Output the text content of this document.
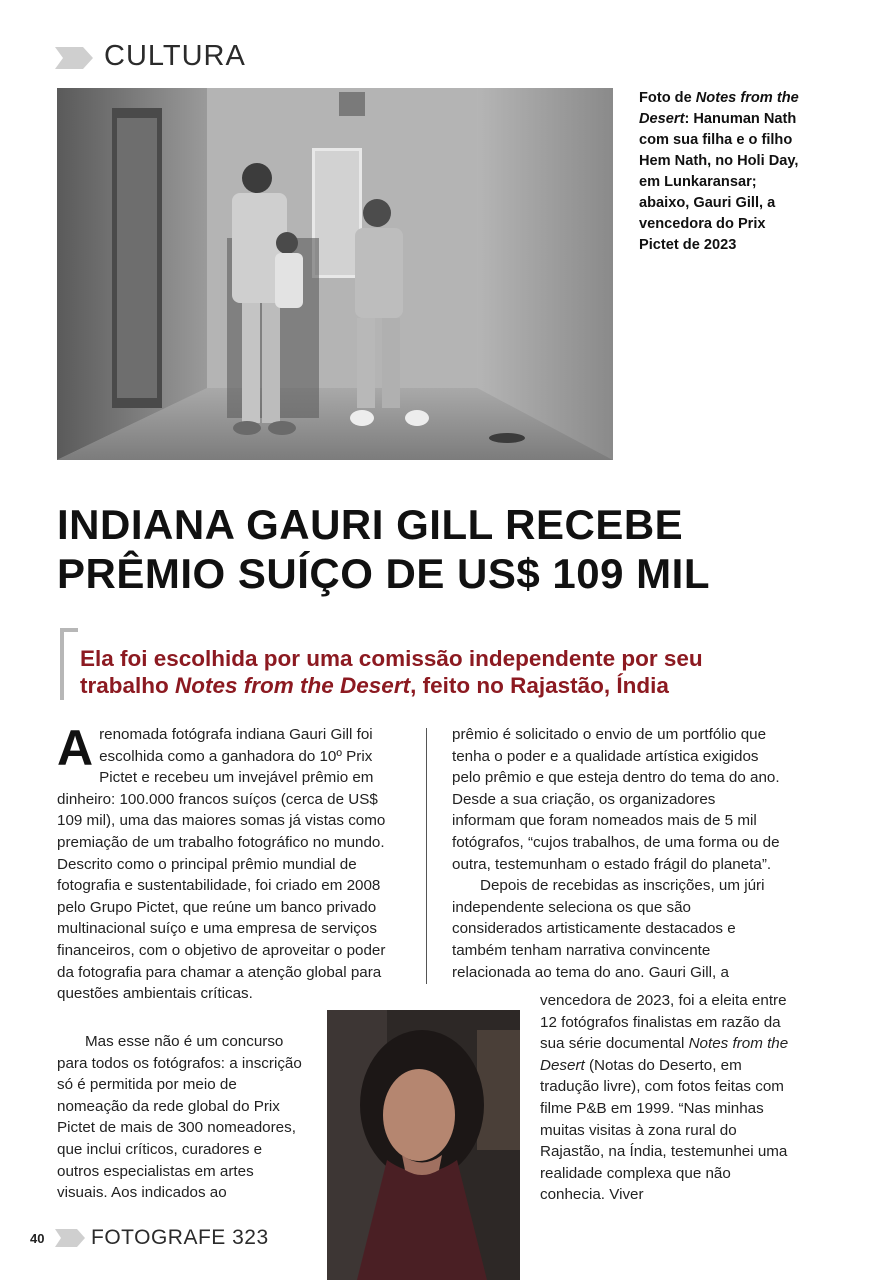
CULTURA
Foto de Notes from the Desert: Hanuman Nath com sua filha e o filho Hem Nath, no Holi Day, em Lunkaransar; abaixo, Gauri Gill, a vencedora do Prix Pictet de 2023
INDIANA GAURI GILL RECEBE
PRÊMIO SUÍÇO DE US$ 109 MIL
Ela foi escolhida por uma comissão independente por seu
trabalho Notes from the Desert, feito no Rajastão, Índia

A renomada fotógrafa indiana Gauri Gill foi escolhida como a ganhadora do 10º Prix Pictet e recebeu um invejável prêmio em dinheiro: 100.000 francos suíços (cerca de US$ 109 mil), uma das maiores somas já vistas como premiação de um trabalho fotográfico no mundo. Descrito como o principal prêmio mundial de fotografia e sustentabilidade, foi criado em 2008 pelo Grupo Pictet, que reúne um banco privado multinacional suíço e uma empresa de serviços financeiros, com o objetivo de aproveitar o poder da fotografia para chamar a atenção global para questões ambientais críticas.

Mas esse não é um concurso para todos os fotógrafos: a inscrição só é permitida por meio de nomeação da rede global do Prix Pictet de mais de 300 nomeadores, que inclui críticos, curadores e outros especialistas em artes visuais. Aos indicados ao

prêmio é solicitado o envio de um portfólio que tenha o poder e a qualidade artística exigidos pelo prêmio e que esteja dentro do tema do ano. Desde a sua criação, os organizadores informam que foram nomeados mais de 5 mil fotógrafos, “cujos trabalhos, de uma forma ou de outra, testemunham o estado frágil do planeta”.

Depois de recebidas as inscrições, um júri independente seleciona os que são considerados artisticamente destacados e também tenham narrativa convincente relacionada ao tema do ano. Gauri Gill, a

vencedora de 2023, foi a eleita entre 12 fotógrafos finalistas em razão da sua série documental Notes from the Desert (Notas do Deserto, em tradução livre), com fotos feitas com filme P&B em 1999. “Nas minhas muitas visitas à zona rural do Rajastão, na Índia, testemunhei uma realidade complexa que não conhecia. Viver

40 FOTOGRAFE 323
